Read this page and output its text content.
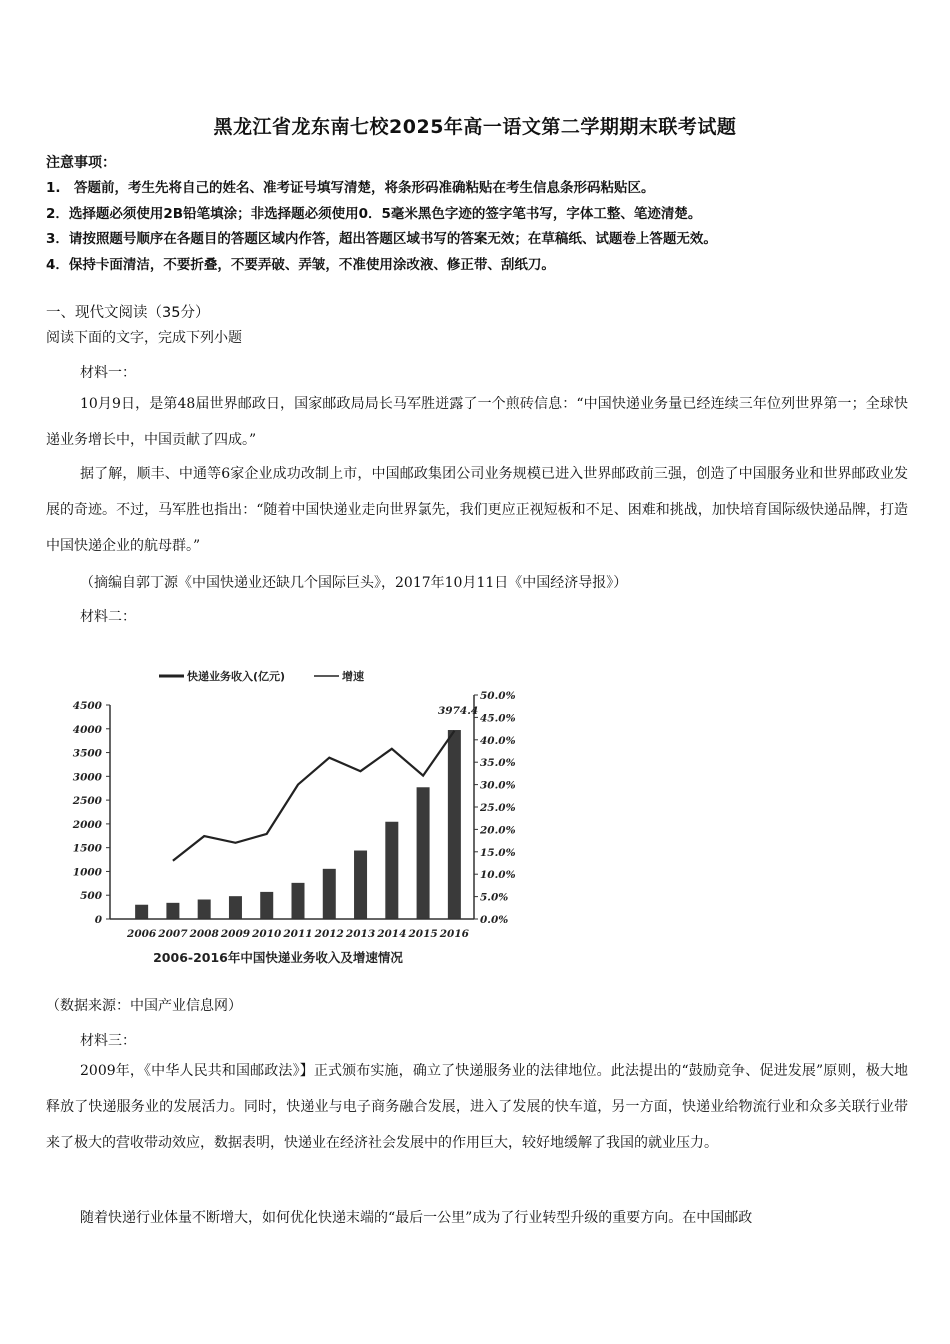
黑龙江省龙东南七校2025年高一语文第二学期期末联考试题
注意事项：
1.　答题前，考生先将自己的姓名、准考证号填写清楚，将条形码准确粘贴在考生信息条形码粘贴区。
2．选择题必须使用2B铅笔填涂；非选择题必须使用0．5毫米黑色字迹的签字笔书写，字体工整、笔迹清楚。
3．请按照题号顺序在各题目的答题区域内作答，超出答题区域书写的答案无效；在草稿纸、试题卷上答题无效。
4．保持卡面清洁，不要折叠，不要弄破、弄皱，不准使用涂改液、修正带、刮纸刀。
一、现代文阅读（35分）
阅读下面的文字，完成下列小题
材料一：
10月9日，是第48届世界邮政日，国家邮政局局长马军胜迸露了一个煎砖信息：“中国快递业务量已经连续三年位列世界第一；全球快递业务增长中，中国贡献了四成。”
据了解，顺丰、中通等6家企业成功改制上市，中国邮政集团公司业务规模已进入世界邮政前三强，创造了中国服务业和世界邮政业发展的奇迹。不过，马军胜也指出：“随着中国快递业走向世界氯先，我们更应正视短板和不足、困难和挑战，加快培育国际级快递品牌，打造中国快递企业的航母群。”
（摘编自郭丁源《中国快递业还缺几个国际巨头》，2017年10月11日《中国经济导报》）
材料二：
0
500
1000
1500
2000
2500
3000
3500
4000
4500
0.0%
5.0%
10.0%
15.0%
20.0%
25.0%
30.0%
35.0%
40.0%
45.0%
50.0%
2006 2007 2008 2009 2010 2011 2012 2013 2014 2015 2016
快递业务收入(亿元)	增速
3974.4
2006-2016年中国快递业务收入及增速情况
（数据来源：中国产业信息网）
材料三：
2009年，《中华人民共和国邮政法》】正式颁布实施，确立了快递服务业的法律地位。此法提出的“鼓励竞争、促进发展”原则，极大地释放了快递服务业的发展活力。同时，快递业与电子商务融合发展，进入了发展的快车道，另一方面，快递业给物流行业和众多关联行业带来了极大的营收带动效应，数据表明，快递业在经济社会发展中的作用巨大，较好地缓解了我国的就业压力。
随着快递行业体量不断增大，如何优化快递末端的“最后一公里”成为了行业转型升级的重要方向。在中国邮政
